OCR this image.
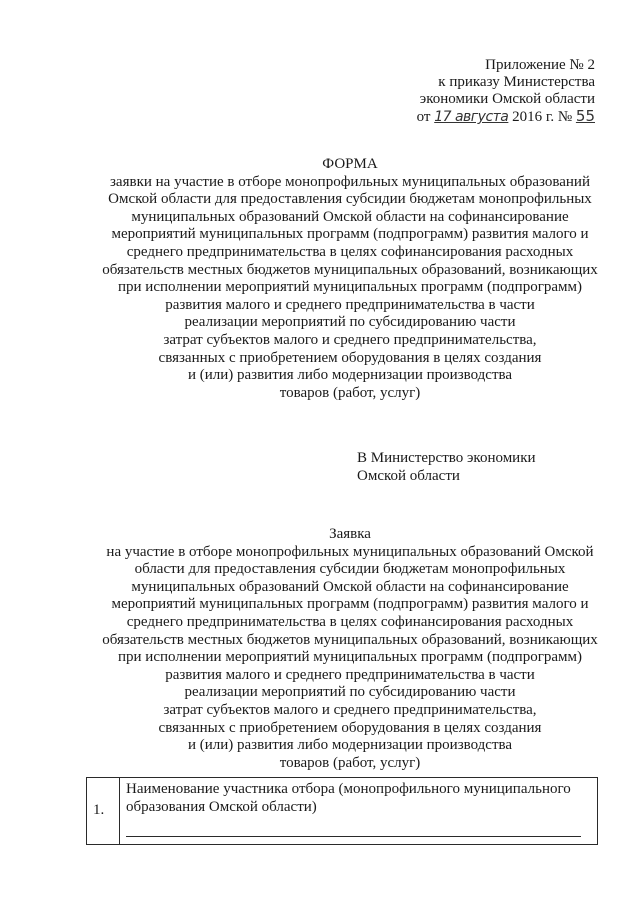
Приложение № 2
к приказу Министерства
экономики Омской области
от 17 августа 2016 г. № 55
ФОРМА
заявки на участие в отборе монопрофильных муниципальных образований
Омской области для предоставления субсидии бюджетам монопрофильных
муниципальных образований Омской области на софинансирование
мероприятий муниципальных программ (подпрограмм) развития малого и
среднего предпринимательства в целях софинансирования расходных
обязательств местных бюджетов муниципальных образований, возникающих
при исполнении мероприятий муниципальных программ (подпрограмм)
развития малого и среднего предпринимательства в части
реализации мероприятий по субсидированию части
затрат субъектов малого и среднего предпринимательства,
связанных с приобретением оборудования в целях создания
и (или) развития либо модернизации производства
товаров (работ, услуг)
В Министерство экономики
Омской области
Заявка
на участие в отборе монопрофильных муниципальных образований Омской
области для предоставления субсидии бюджетам монопрофильных
муниципальных образований Омской области на софинансирование
мероприятий муниципальных программ (подпрограмм) развития малого и
среднего предпринимательства в целях софинансирования расходных
обязательств местных бюджетов муниципальных образований, возникающих
при исполнении мероприятий муниципальных программ (подпрограмм)
развития малого и среднего предпринимательства в части
реализации мероприятий по субсидированию части
затрат субъектов малого и среднего предпринимательства,
связанных с приобретением оборудования в целях создания
и (или) развития либо модернизации производства
товаров (работ, услуг)
1.	
Наименование участника отбора (монопрофильного муниципального
образования Омской области)
